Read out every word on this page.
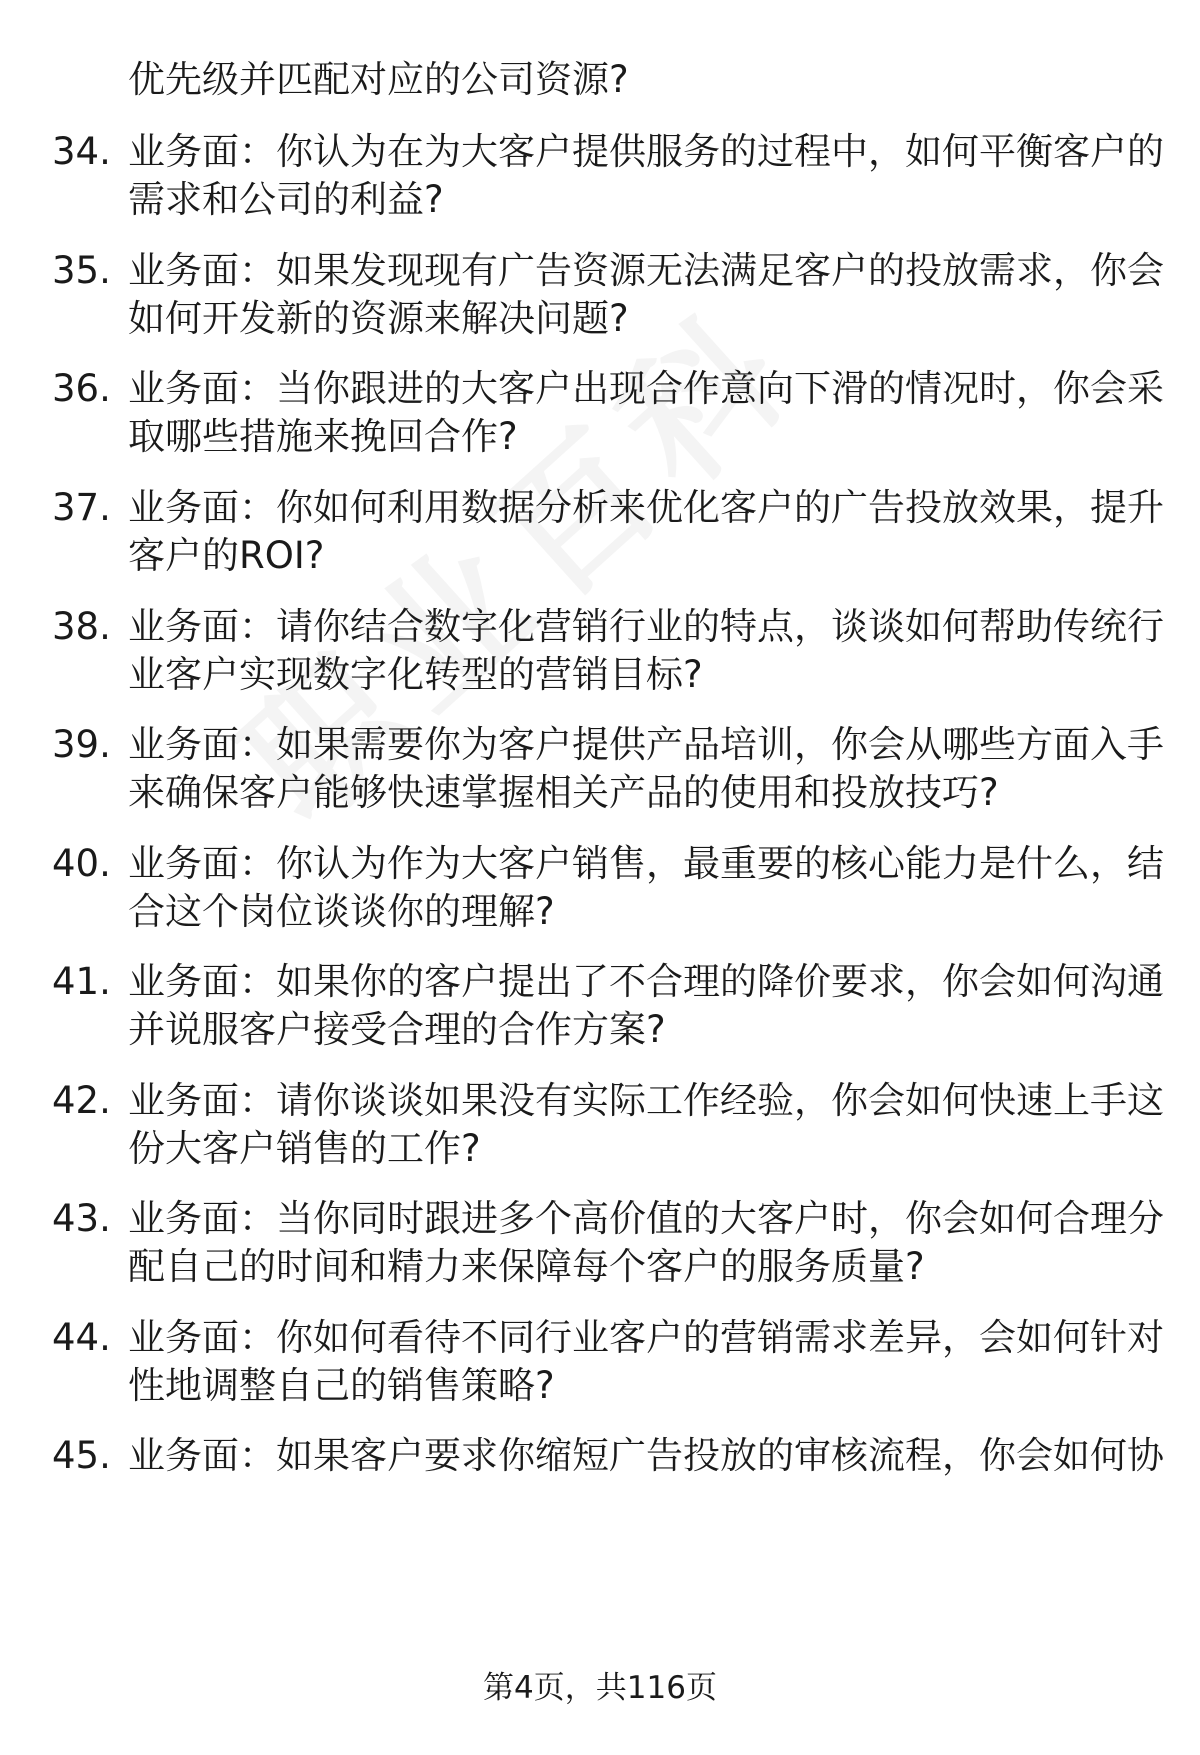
优先级并匹配对应的公司资源?
34. 业务面：你认为在为大客户提供服务的过程中，如何平衡客户的
需求和公司的利益?
35. 业务面：如果发现现有广告资源无法满足客户的投放需求，你会
如何开发新的资源来解决问题?
36. 业务面：当你跟进的大客户出现合作意向下滑的情况时，你会采
取哪些措施来挽回合作?
37. 业务面：你如何利用数据分析来优化客户的广告投放效果，提升
客户的ROI?
38. 业务面：请你结合数字化营销行业的特点，谈谈如何帮助传统行
业客户实现数字化转型的营销目标?
39. 业务面：如果需要你为客户提供产品培训，你会从哪些方面入手
来确保客户能够快速掌握相关产品的使用和投放技巧?
40. 业务面：你认为作为大客户销售，最重要的核心能力是什么，结
合这个岗位谈谈你的理解?
41. 业务面：如果你的客户提出了不合理的降价要求，你会如何沟通
并说服客户接受合理的合作方案?
42. 业务面：请你谈谈如果没有实际工作经验，你会如何快速上手这
份大客户销售的工作?
43. 业务面：当你同时跟进多个高价值的大客户时，你会如何合理分
配自己的时间和精力来保障每个客户的服务质量?
44. 业务面：你如何看待不同行业客户的营销需求差异，会如何针对
性地调整自己的销售策略?
45. 业务面：如果客户要求你缩短广告投放的审核流程，你会如何协
第4页，共116页
